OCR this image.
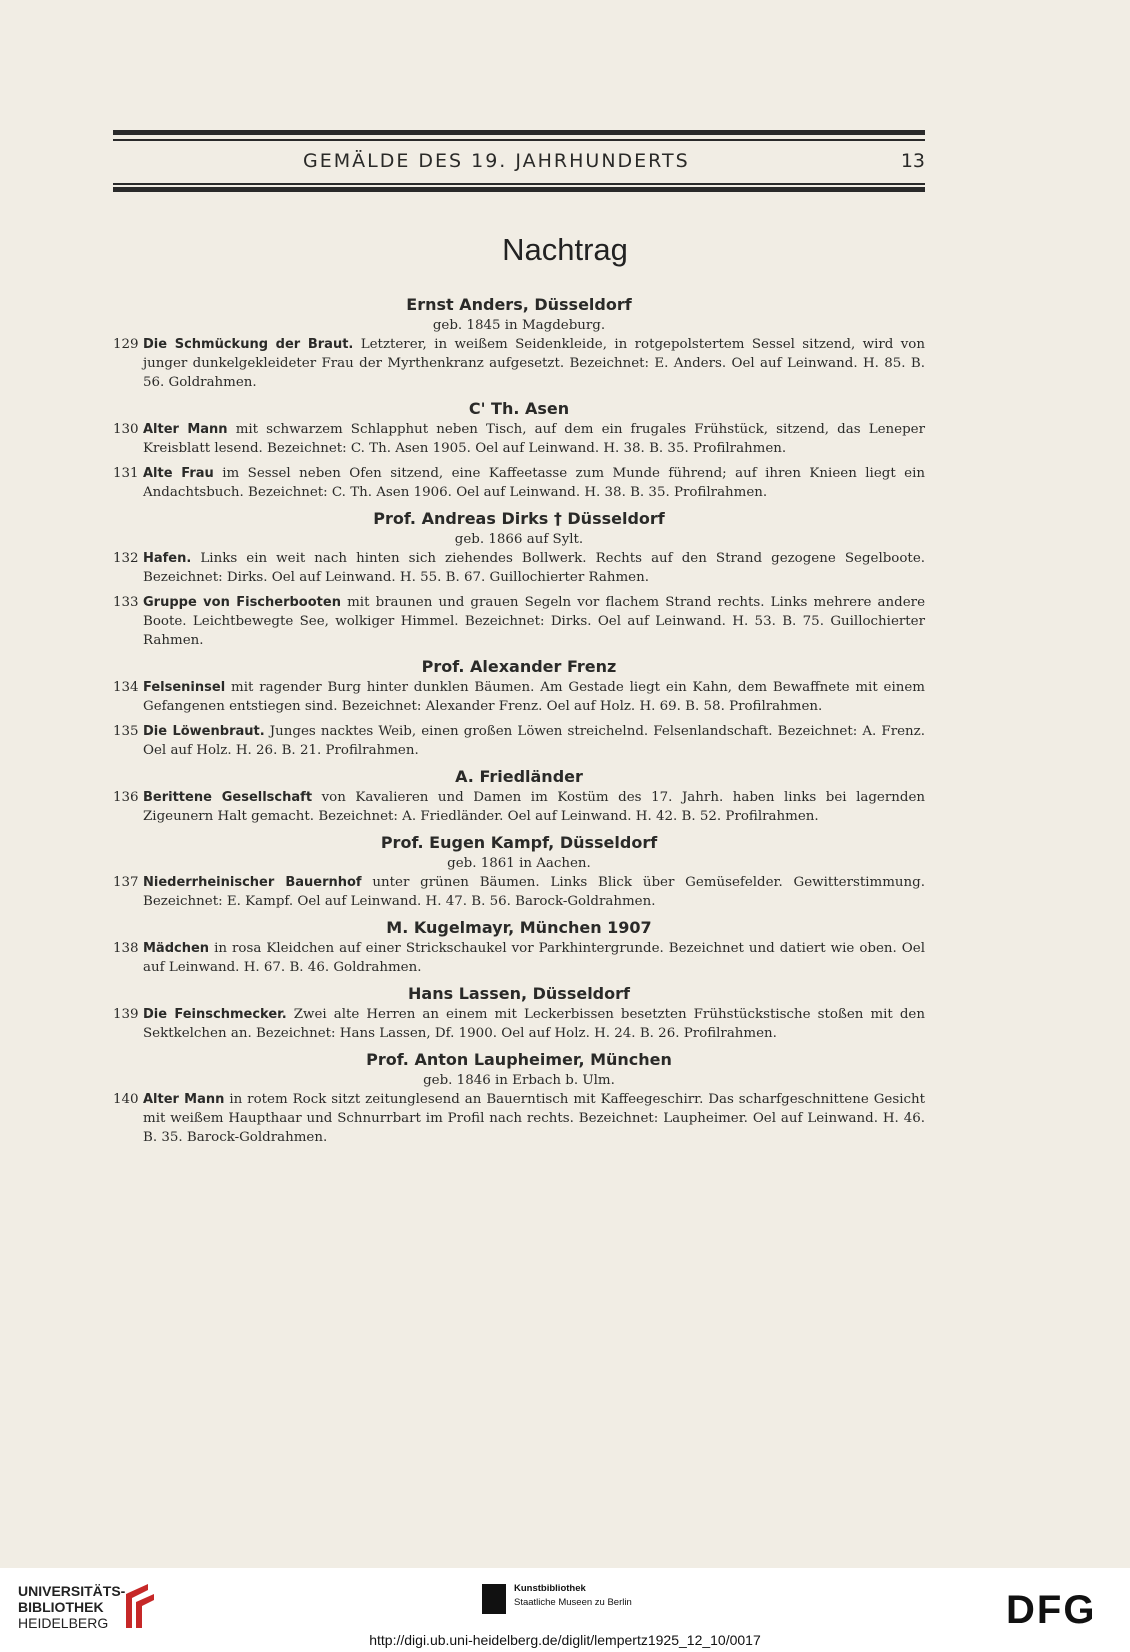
GEMÄLDE DES 19. JAHRHUNDERTS	13
Nachtrag
Ernst Anders, Düsseldorf
geb. 1845 in Magdeburg.
129 Die Schmückung der Braut. Letzterer, in weißem Seidenkleide, in rotgepolstertem Sessel sitzend, wird von junger dunkelgekleideter Frau der Myrthenkranz aufgesetzt. Bezeichnet: E. Anders. Oel auf Leinwand. H. 85. B. 56. Goldrahmen.
C' Th. Asen
130 Alter Mann mit schwarzem Schlapphut neben Tisch, auf dem ein frugales Frühstück, sitzend, das Leneper Kreisblatt lesend. Bezeichnet: C. Th. Asen 1905. Oel auf Leinwand. H. 38. B. 35. Profilrahmen.
131 Alte Frau im Sessel neben Ofen sitzend, eine Kaffeetasse zum Munde führend; auf ihren Knieen liegt ein Andachtsbuch. Bezeichnet: C. Th. Asen 1906. Oel auf Leinwand. H. 38. B. 35. Profilrahmen.
Prof. Andreas Dirks † Düsseldorf
geb. 1866 auf Sylt.
132 Hafen. Links ein weit nach hinten sich ziehendes Bollwerk. Rechts auf den Strand gezogene Segelboote. Bezeichnet: Dirks. Oel auf Leinwand. H. 55. B. 67. Guillochierter Rahmen.
133 Gruppe von Fischerbooten mit braunen und grauen Segeln vor flachem Strand rechts. Links mehrere andere Boote. Leichtbewegte See, wolkiger Himmel. Bezeichnet: Dirks. Oel auf Leinwand. H. 53. B. 75. Guillochierter Rahmen.
Prof. Alexander Frenz
134 Felseninsel mit ragender Burg hinter dunklen Bäumen. Am Gestade liegt ein Kahn, dem Bewaffnete mit einem Gefangenen entstiegen sind. Bezeichnet: Alexander Frenz. Oel auf Holz. H. 69. B. 58. Profilrahmen.
135 Die Löwenbraut. Junges nacktes Weib, einen großen Löwen streichelnd. Felsenlandschaft. Bezeichnet: A. Frenz. Oel auf Holz. H. 26. B. 21. Profilrahmen.
A. Friedländer
136 Berittene Gesellschaft von Kavalieren und Damen im Kostüm des 17. Jahrh. haben links bei lagernden Zigeunern Halt gemacht. Bezeichnet: A. Friedländer. Oel auf Leinwand. H. 42. B. 52. Profilrahmen.
Prof. Eugen Kampf, Düsseldorf
geb. 1861 in Aachen.
137 Niederrheinischer Bauernhof unter grünen Bäumen. Links Blick über Gemüsefelder. Gewitterstimmung. Bezeichnet: E. Kampf. Oel auf Leinwand. H. 47. B. 56. Barock-Goldrahmen.
M. Kugelmayr, München 1907
138 Mädchen in rosa Kleidchen auf einer Strickschaukel vor Parkhintergrunde. Bezeichnet und datiert wie oben. Oel auf Leinwand. H. 67. B. 46. Goldrahmen.
Hans Lassen, Düsseldorf
139 Die Feinschmecker. Zwei alte Herren an einem mit Leckerbissen besetzten Frühstückstische stoßen mit den Sektkelchen an. Bezeichnet: Hans Lassen, Df. 1900. Oel auf Holz. H. 24. B. 26. Profilrahmen.
Prof. Anton Laupheimer, München
geb. 1846 in Erbach b. Ulm.
140 Alter Mann in rotem Rock sitzt zeitunglesend an Bauerntisch mit Kaffeegeschirr. Das scharfgeschnittene Gesicht mit weißem Haupthaar und Schnurrbart im Profil nach rechts. Bezeichnet: Laupheimer. Oel auf Leinwand. H. 46. B. 35. Barock-Goldrahmen.
UNIVERSITÄTS-
BIBLIOTHEK
HEIDELBERG
Kunstbibliothek
Staatliche Museen zu Berlin	DFG
http://digi.ub.uni-heidelberg.de/diglit/lempertz1925_12_10/0017
